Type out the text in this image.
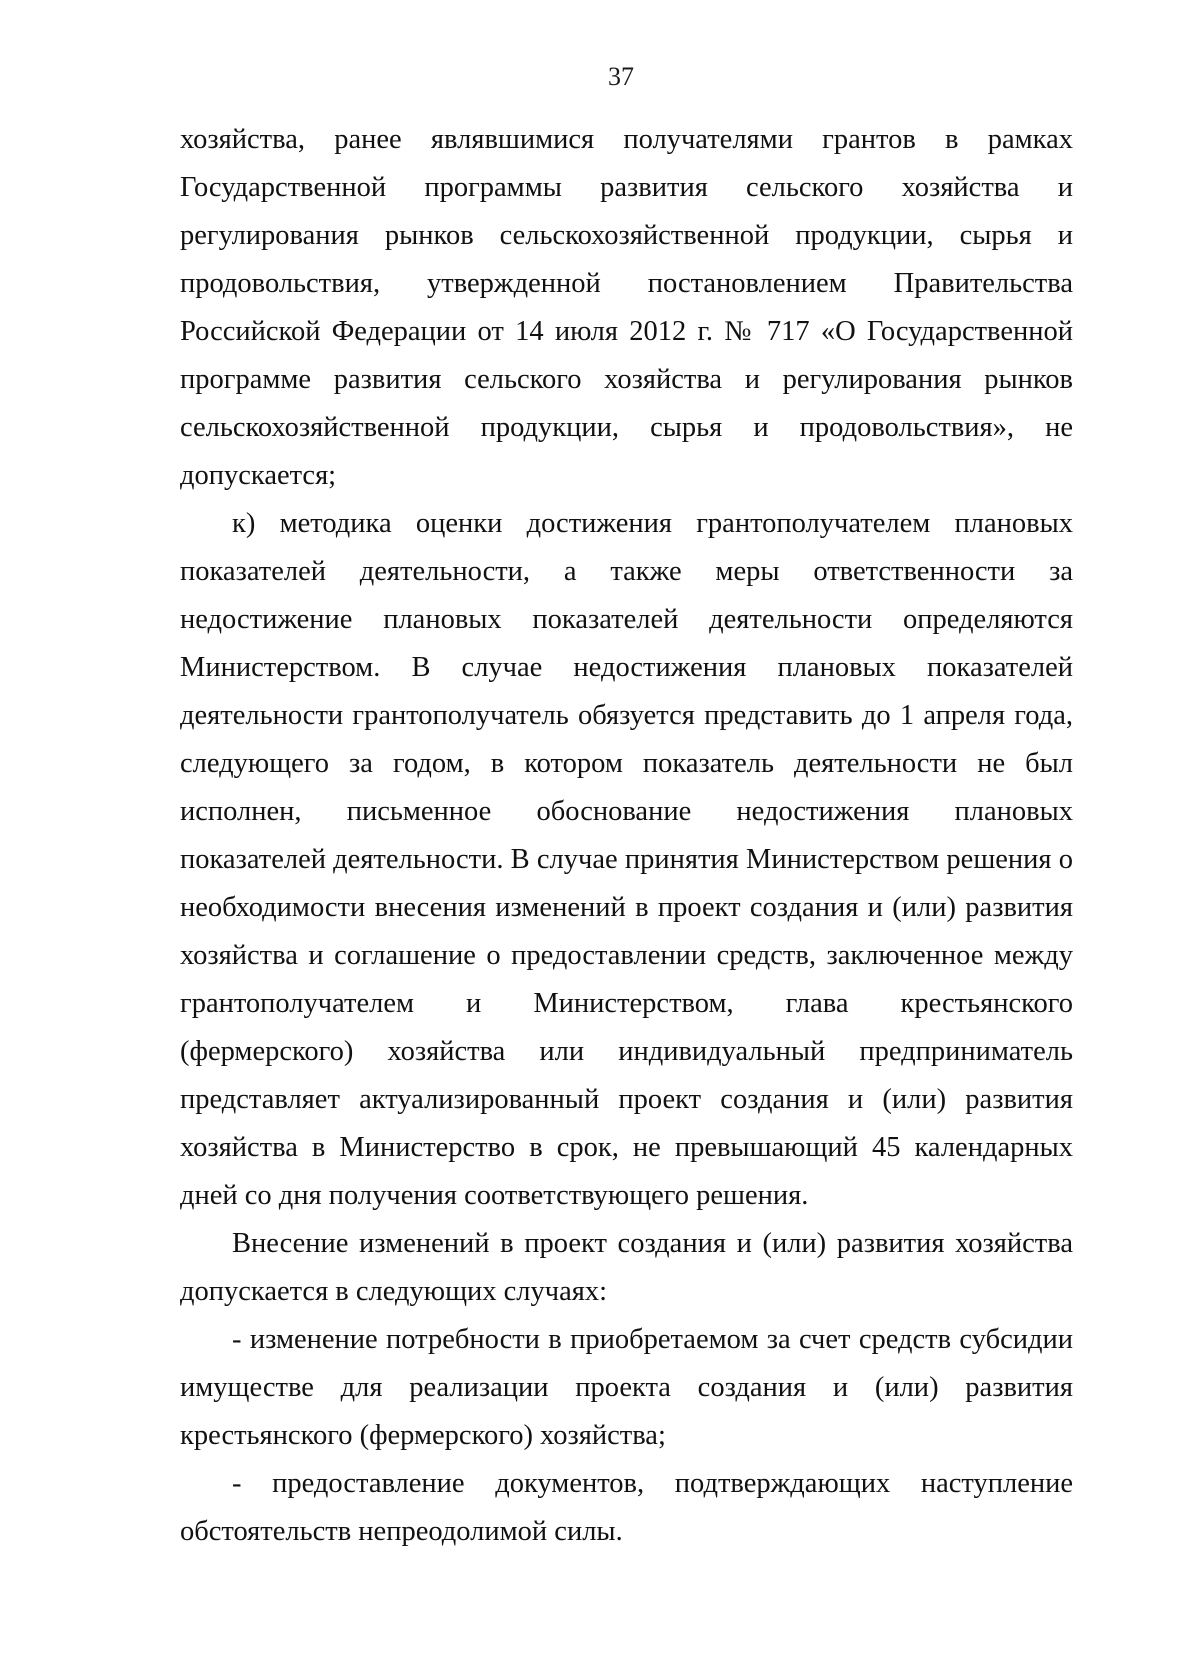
37

хозяйства, ранее являвшимися получателями грантов в рамках Государственной программы развития сельского хозяйства и регулирования рынков сельскохозяйственной продукции, сырья и продовольствия, утвержденной постановлением Правительства Российской Федерации от 14 июля 2012 г. № 717 «О Государственной программе развития сельского хозяйства и регулирования рынков сельскохозяйственной продукции, сырья и продовольствия», не допускается;

к) методика оценки достижения грантополучателем плановых показателей деятельности, а также меры ответственности за недостижение плановых показателей деятельности определяются Министерством. В случае недостижения плановых показателей деятельности грантополучатель обязуется представить до 1 апреля года, следующего за годом, в котором показатель деятельности не был исполнен, письменное обоснование недостижения плановых показателей деятельности. В случае принятия Министерством решения о необходимости внесения изменений в проект создания и (или) развития хозяйства и соглашение о предоставлении средств, заключенное между грантополучателем и Министерством, глава крестьянского (фермерского) хозяйства или индивидуальный предприниматель представляет актуализированный проект создания и (или) развития хозяйства в Министерство в срок, не превышающий 45 календарных дней со дня получения соответствующего решения.

Внесение изменений в проект создания и (или) развития хозяйства допускается в следующих случаях:

- изменение потребности в приобретаемом за счет средств субсидии имуществе для реализации проекта создания и (или) развития крестьянского (фермерского) хозяйства;

- предоставление документов, подтверждающих наступление обстоятельств непреодолимой силы.
